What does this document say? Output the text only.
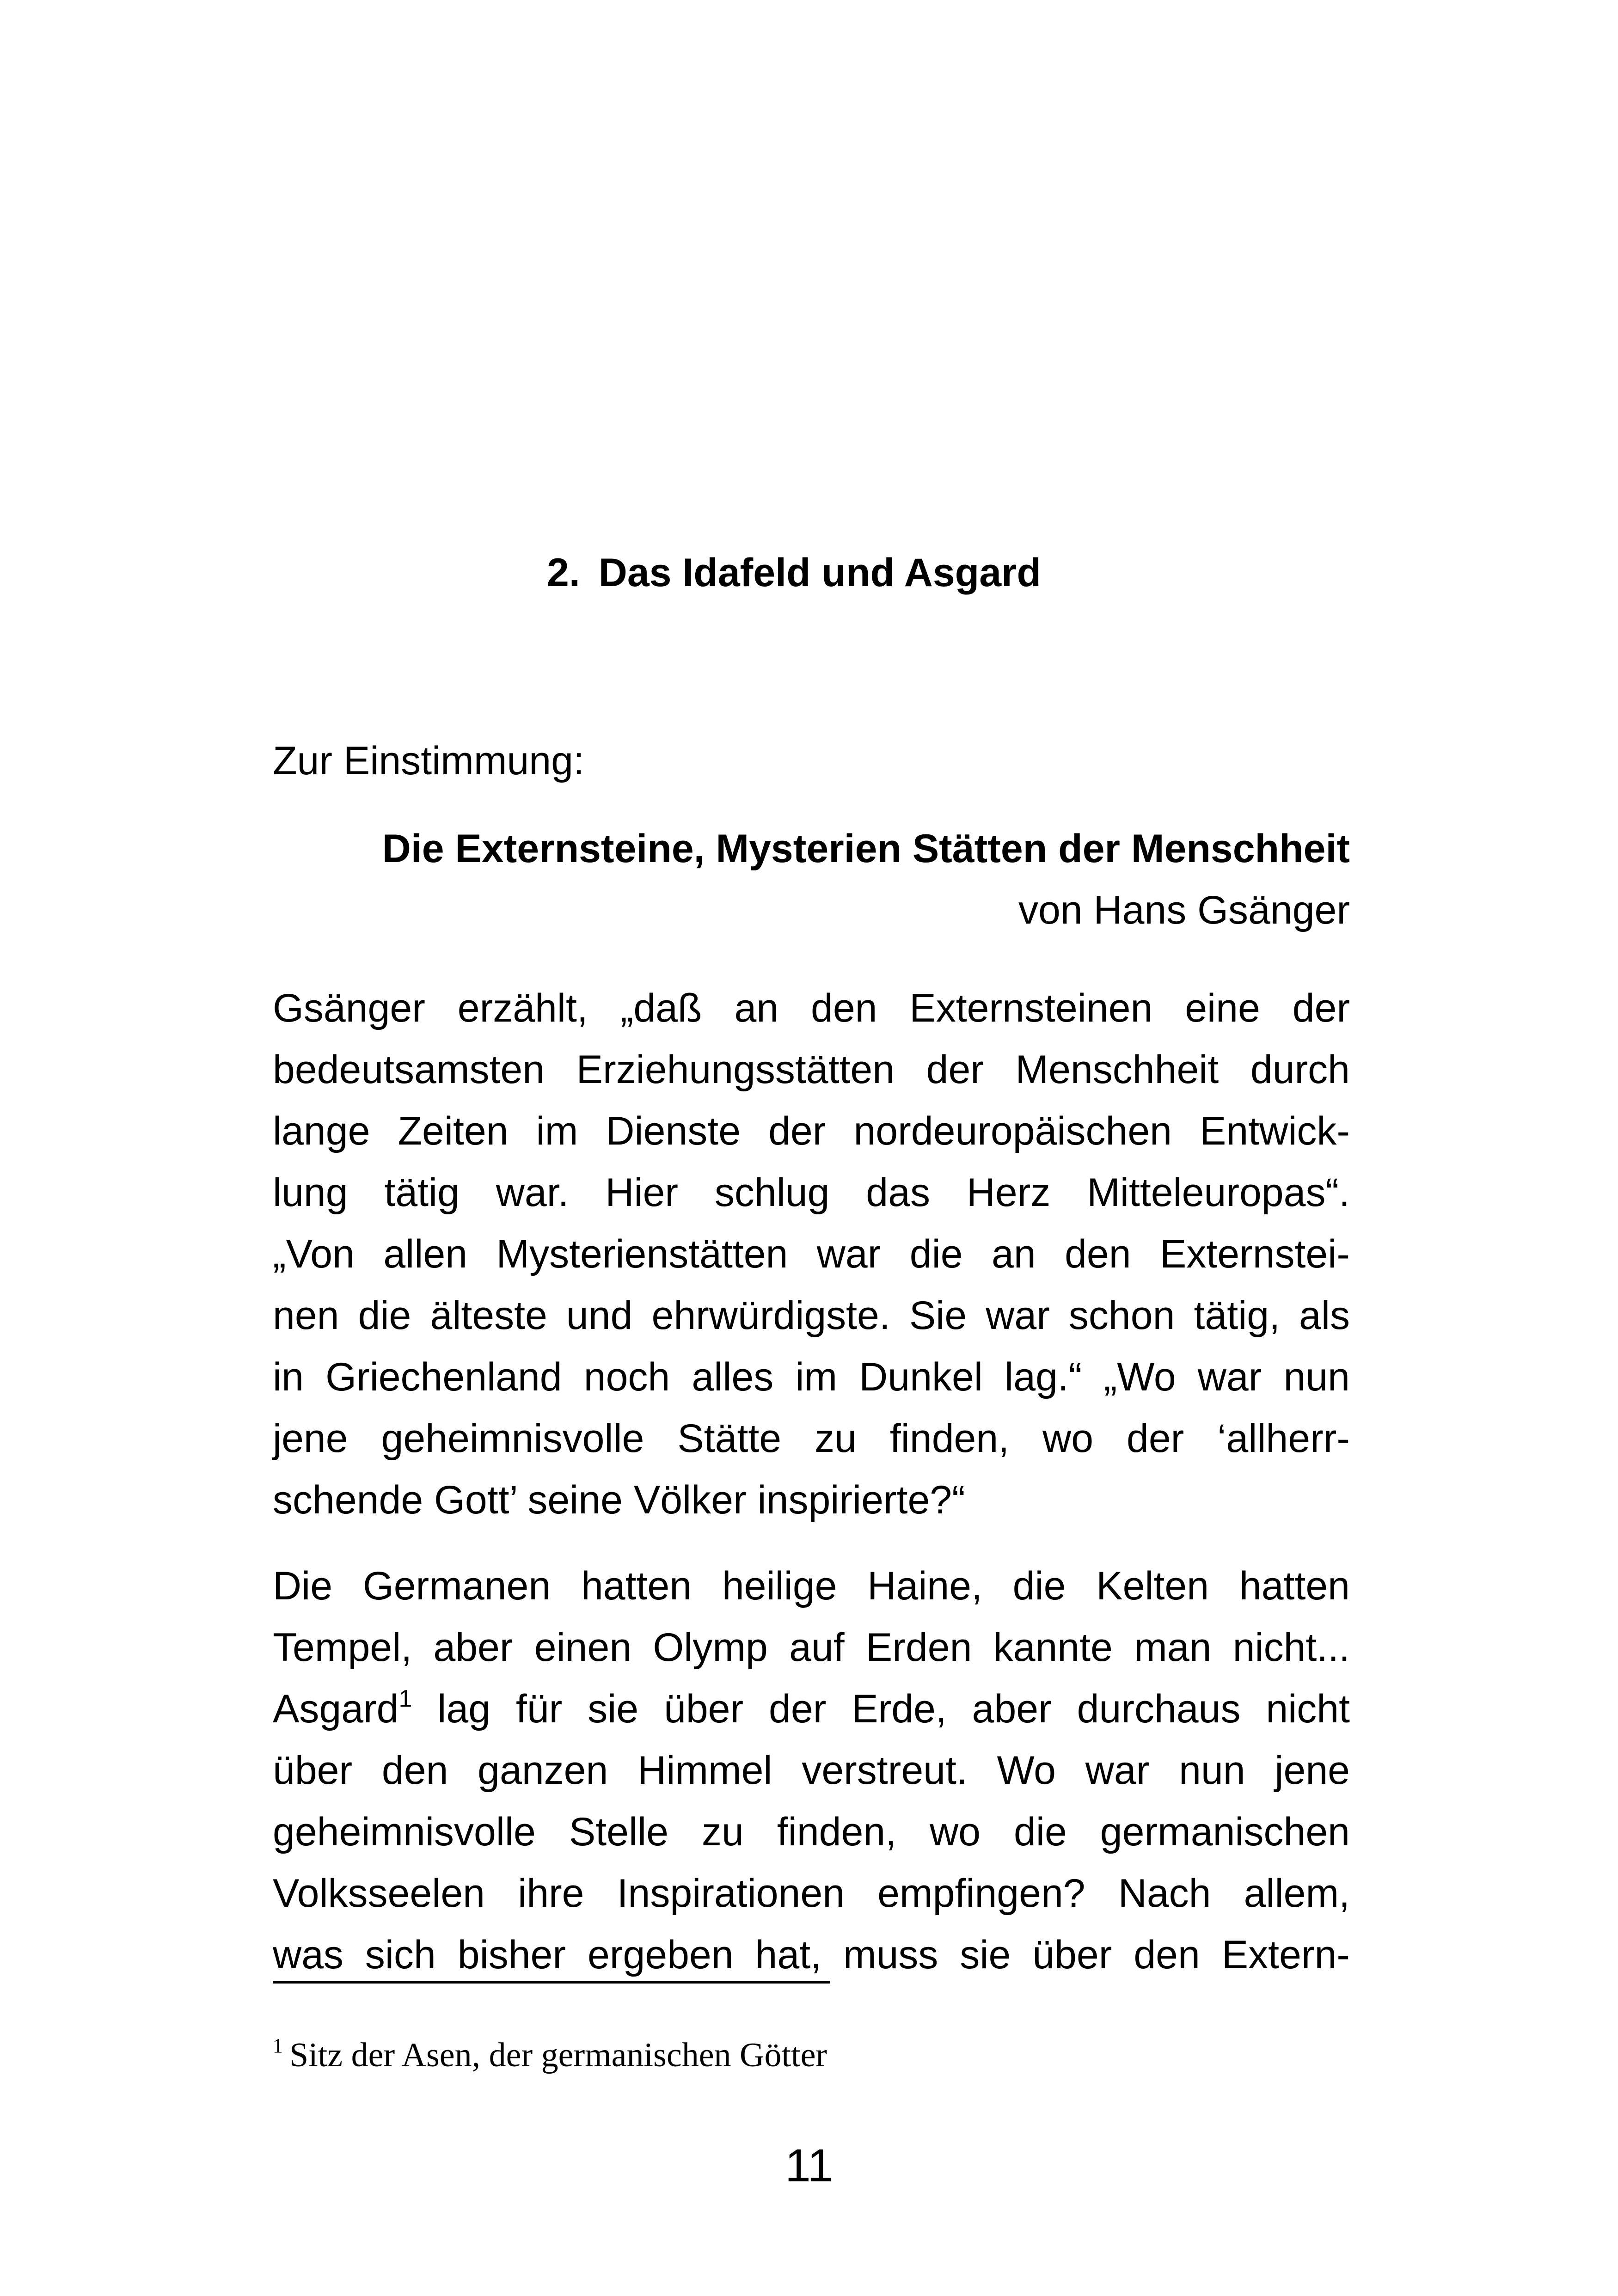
2. Das Idafeld und Asgard
Zur Einstimmung:
Die Externsteine, Mysterien Stätten der Menschheit
von Hans Gsänger
Gsänger erzählt, „daß an den Externsteinen eine der
bedeutsamsten Erziehungsstätten der Menschheit durch
lange Zeiten im Dienste der nordeuropäischen Entwick-
lung tätig war. Hier schlug das Herz Mitteleuropas“.
„Von allen Mysterienstätten war die an den Externstei-
nen die älteste und ehrwürdigste. Sie war schon tätig, als
in Griechenland noch alles im Dunkel lag.“ „Wo war nun
jene geheimnisvolle Stätte zu finden, wo der ‘allherr-
schende Gott’ seine Völker inspirierte?“
Die Germanen hatten heilige Haine, die Kelten hatten
Tempel, aber einen Olymp auf Erden kannte man nicht...
Asgard$^1$ lag für sie über der Erde, aber durchaus nicht
über den ganzen Himmel verstreut. Wo war nun jene
geheimnisvolle Stelle zu finden, wo die germanischen
Volksseelen ihre Inspirationen empfingen? Nach allem,
was sich bisher ergeben hat, muss sie über den Extern-
$^1$ Sitz der Asen, der germanischen Götter
11
